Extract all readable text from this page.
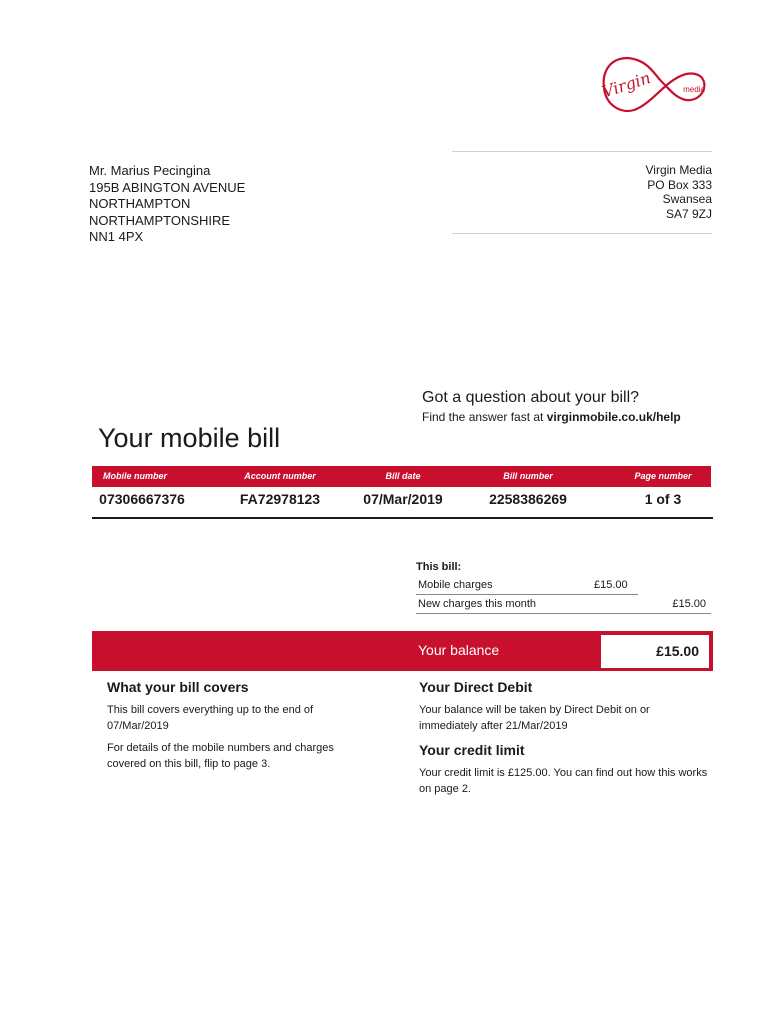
Virgin	media
Mr. Marius Pecingina
195B ABINGTON AVENUE
NORTHAMPTON
NORTHAMPTONSHIRE
NN1 4PX
Virgin Media
PO Box 333
Swansea
SA7 9ZJ
Got a question about your bill?
Find the answer fast at virginmobile.co.uk/help
Your mobile bill
Mobile number	Account number	Bill date	Bill number	Page number
07306667376	FA72978123	07/Mar/2019	2258386269	1 of 3
This bill:
Mobile charges	£15.00
New charges this month	£15.00
Your balance	£15.00
What your bill covers

This bill covers everything up to the end of 07/Mar/2019

For details of the mobile numbers and charges covered on this bill, flip to page 3.

Your Direct Debit

Your balance will be taken by Direct Debit on or immediately after 21/Mar/2019

Your credit limit

Your credit limit is £125.00. You can find out how this works on page 2.
